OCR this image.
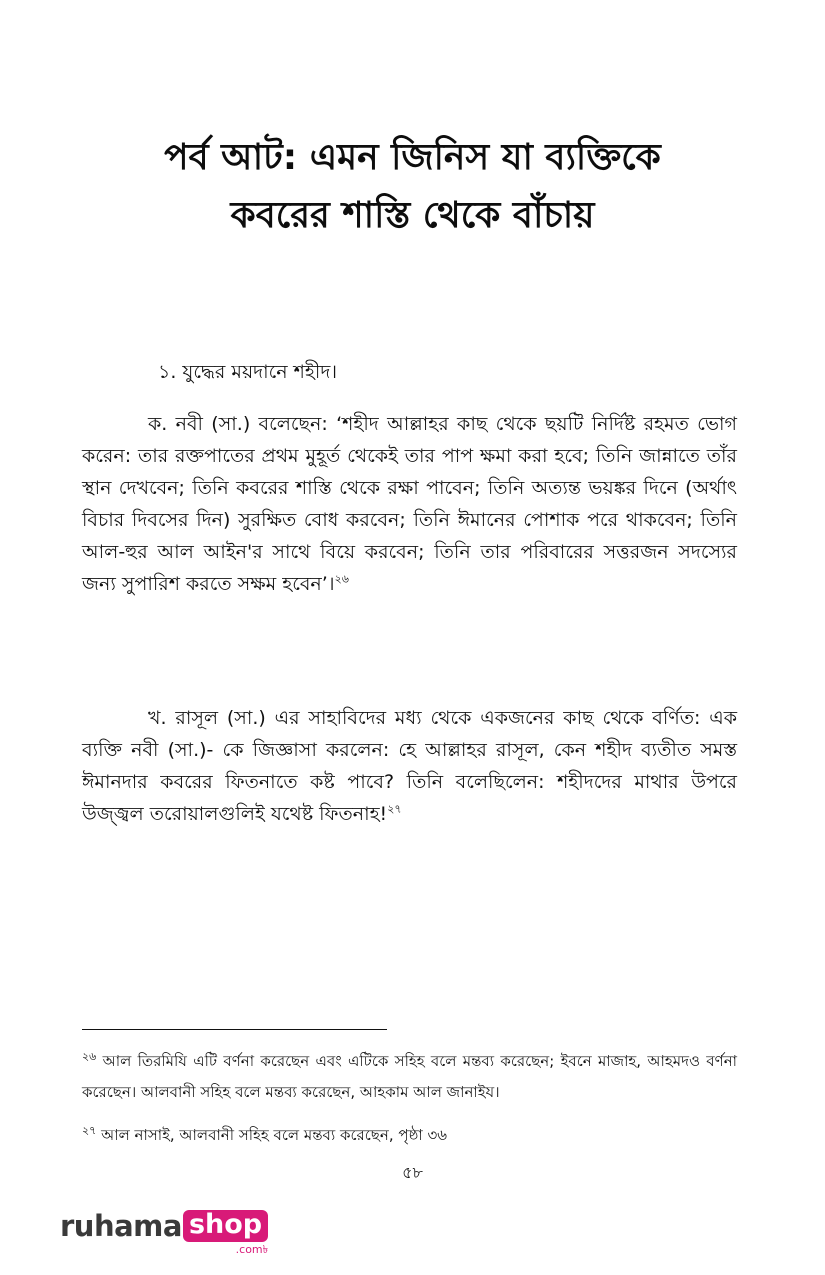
পর্ব আট: এমন জিনিস যা ব্যক্তিকে
কবরের শাস্তি থেকে বাঁচায়
১. যুদ্ধের ময়দানে শহীদ।
ক. নবী (সা.) বলেছেন: ‘শহীদ আল্লাহর কাছ থেকে ছয়টি নির্দিষ্ট রহমত ভোগ করেন: তার রক্তপাতের প্রথম মুহূর্ত থেকেই তার পাপ ক্ষমা করা হবে; তিনি জান্নাতে তাঁর স্থান দেখবেন; তিনি কবরের শাস্তি থেকে রক্ষা পাবেন; তিনি অত্যন্ত ভয়ঙ্কর দিনে (অর্থাৎ বিচার দিবসের দিন) সুরক্ষিত বোধ করবেন; তিনি ঈমানের পোশাক পরে থাকবেন; তিনি আল-হুর আল আইন'র সাথে বিয়ে করবেন; তিনি তার পরিবারের সত্তরজন সদস্যের জন্য সুপারিশ করতে সক্ষম হবেন’।$^{২৬}$
খ. রাসূল (সা.) এর সাহাবিদের মধ্য থেকে একজনের কাছ থেকে বর্ণিত: এক ব্যক্তি নবী (সা.)- কে জিজ্ঞাসা করলেন: হে আল্লাহর রাসূল, কেন শহীদ ব্যতীত সমস্ত ঈমানদার কবরের ফিতনাতে কষ্ট পাবে? তিনি বলেছিলেন: শহীদদের মাথার উপরে উজ্জ্বল তরোয়ালগুলিই যথেষ্ট ফিতনাহ!$^{২৭}$
$^{২৬}$ আল তিরমিযি এটি বর্ণনা করেছেন এবং এটিকে সহিহ বলে মন্তব্য করেছেন; ইবনে মাজাহ, আহমদও বর্ণনা করেছেন। আলবানী সহিহ বলে মন্তব্য করেছেন, আহকাম আল জানাইয।
$^{২৭}$ আল নাসাই, আলবানী সহিহ বলে মন্তব্য করেছেন, পৃষ্ঠা ৩৬
৫৮
ruhama shop
.com৳
